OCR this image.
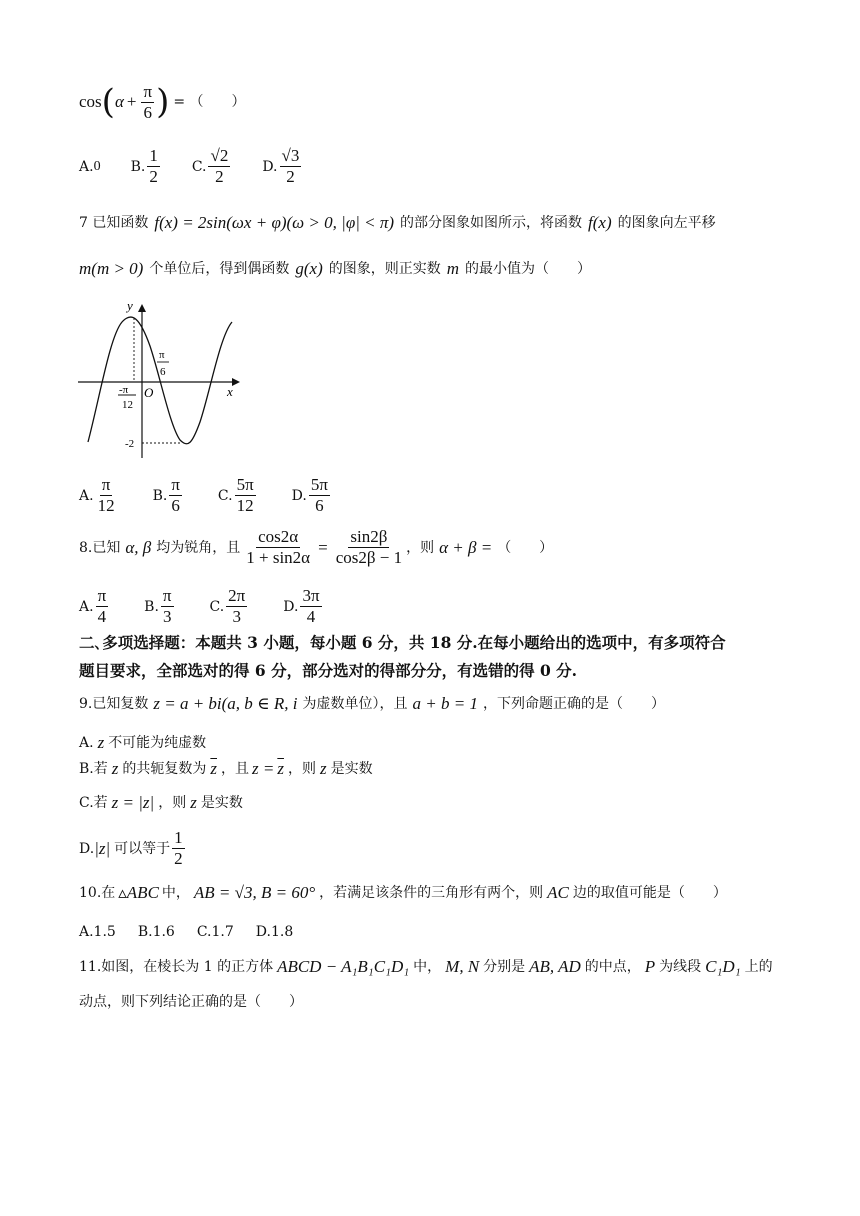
cos ( $\alpha + \frac{\pi}{6}$ ) = （　　）
A. 0 B. $\frac{1}{2} C$. $\frac{√2}{2} D$. $\frac{√3}{2}$
7 已知函数 f(x) = 2sin(ωx + φ)(ω > 0, |φ| < π) 的部分图象如图所示，将函数 f(x) 的图象向左平移
m(m > 0) 个单位后，得到偶函数 g(x) 的图象，则正实数 m 的最小值为（　　）
y
x
O
-π
12
π
6
-2
A. $\frac{\pi}{12}$	B. $\frac{\pi}{6}$	C. $\frac{5\pi}{12}$	D. $\frac{5\pi}{6}$
8.已知 α, β 均为锐角，且 $\frac{\cos 2\alpha}{1 + \sin 2\alpha} = \frac{\sin 2\beta}{\cos 2\beta - 1}$ ，则 α + β = （　　）
A. $\frac{\pi}{4}$	B. $\frac{\pi}{3}$	C. $\frac{2\pi}{3}$	D. $\frac{3\pi}{4}$
二､多项选择题：本题共 3 小题，每小题 6 分，共 18 分.在每小题给出的选项中，有多项符合
题目要求，全部选对的得 6 分，部分选对的得部分分，有选错的得 0 分.
9.已知复数 z = a + bi(a, b ∈ R, i 为虚数单位），且 a + b = 1 ，下列命题正确的是（　　）
A. z 不可能为纯虚数
B.若 z 的共轭复数为 $\overline{z}$ ，且 $z = \overline{z}$ ，则 z 是实数
C.若 z = |z| ，则 z 是实数
D. |z| 可以等于 $\frac{1}{2}$
10.在 ▵ABC 中， AB = √3, B = 60° ，若满足该条件的三角形有两个，则 AC 边的取值可能是（　　）
A.1.5 B.1.6 C.1.7 D.1.8
11.如图，在棱长为 1 的正方体 ABCD − A₁B₁C₁D₁ 中， M, N 分别是 AB, AD 的中点， P 为线段 C₁D₁ 上的
动点，则下列结论正确的是（　　）
